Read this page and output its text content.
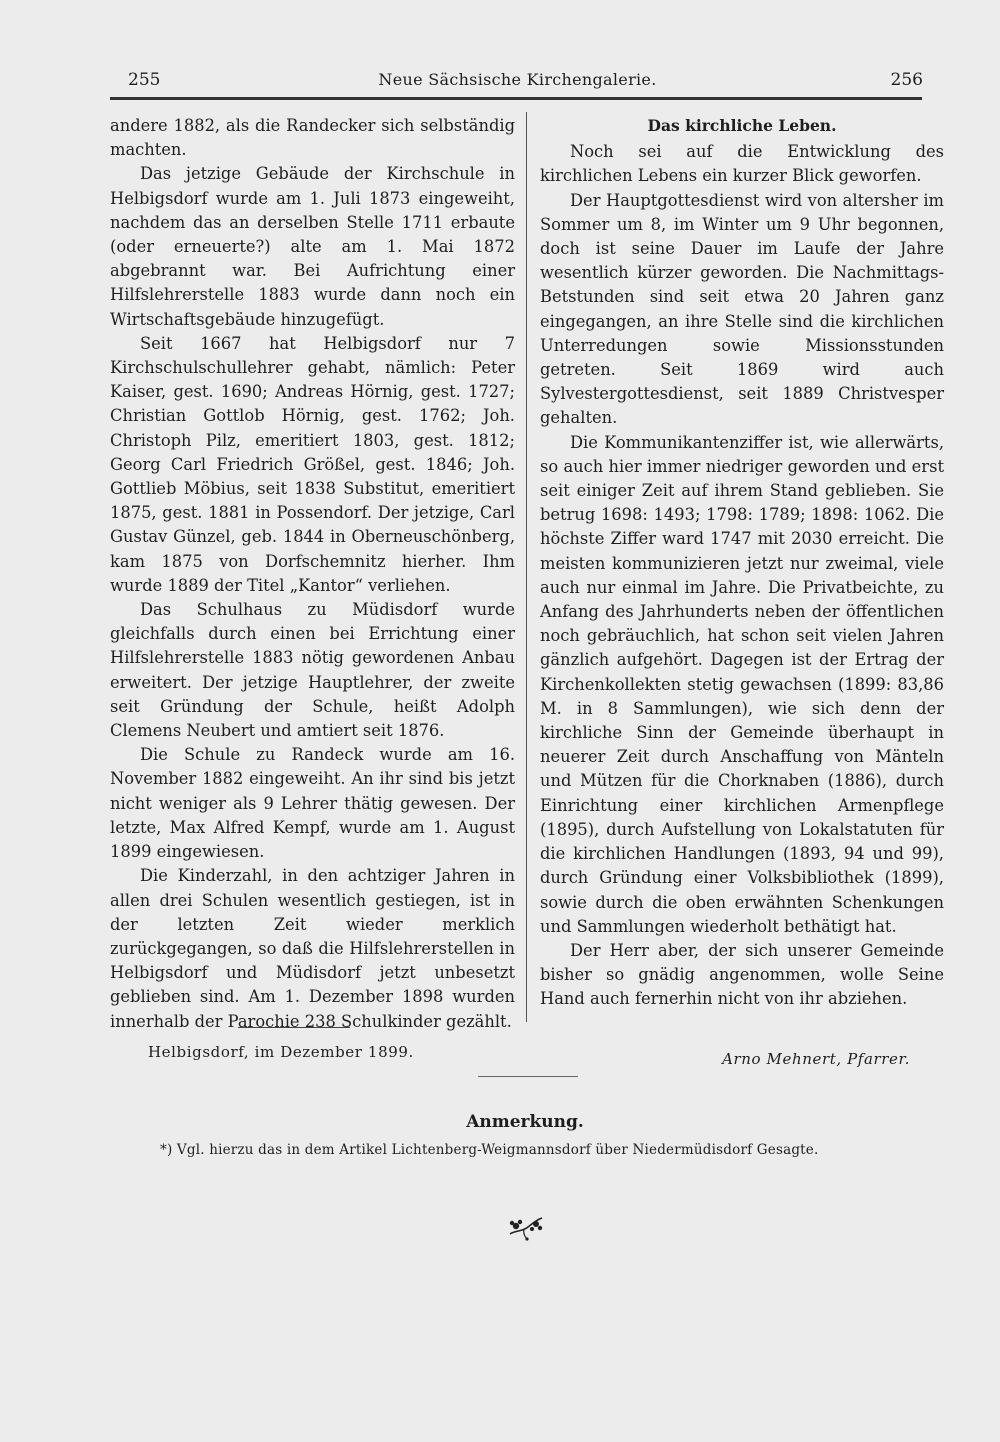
255	Neue Sächsische Kirchengalerie.	256

andere 1882, als die Randecker sich selbständig machten.

Das jetzige Gebäude der Kirchschule in Helbigsdorf wurde am 1. Juli 1873 eingeweiht, nachdem das an derselben Stelle 1711 erbaute (oder erneuerte?) alte am 1. Mai 1872 abgebrannt war. Bei Aufrichtung einer Hilfslehrerstelle 1883 wurde dann noch ein Wirtschaftsgebäude hinzugefügt.

Seit 1667 hat Helbigsdorf nur 7 Kirchschulschullehrer gehabt, nämlich: Peter Kaiser, gest. 1690; Andreas Hörnig, gest. 1727; Christian Gottlob Hörnig, gest. 1762; Joh. Christoph Pilz, emeritiert 1803, gest. 1812; Georg Carl Friedrich Größel, gest. 1846; Joh. Gottlieb Möbius, seit 1838 Substitut, emeritiert 1875, gest. 1881 in Possendorf. Der jetzige, Carl Gustav Günzel, geb. 1844 in Oberneuschönberg, kam 1875 von Dorfschemnitz hierher. Ihm wurde 1889 der Titel „Kantor“ verliehen.

Das Schulhaus zu Müdisdorf wurde gleichfalls durch einen bei Errichtung einer Hilfslehrerstelle 1883 nötig gewordenen Anbau erweitert. Der jetzige Hauptlehrer, der zweite seit Gründung der Schule, heißt Adolph Clemens Neubert und amtiert seit 1876.

Die Schule zu Randeck wurde am 16. November 1882 eingeweiht. An ihr sind bis jetzt nicht weniger als 9 Lehrer thätig gewesen. Der letzte, Max Alfred Kempf, wurde am 1. August 1899 eingewiesen.

Die Kinderzahl, in den achtziger Jahren in allen drei Schulen wesentlich gestiegen, ist in der letzten Zeit wieder merklich zurückgegangen, so daß die Hilfslehrerstellen in Helbigsdorf und Müdisdorf jetzt unbesetzt geblieben sind. Am 1. Dezember 1898 wurden innerhalb der Parochie 238 Schulkinder gezählt.

Das kirchliche Leben.

Noch sei auf die Entwicklung des kirchlichen Lebens ein kurzer Blick geworfen.

Der Hauptgottesdienst wird von altersher im Sommer um 8, im Winter um 9 Uhr begonnen, doch ist seine Dauer im Laufe der Jahre wesentlich kürzer geworden. Die Nachmittags-Betstunden sind seit etwa 20 Jahren ganz eingegangen, an ihre Stelle sind die kirchlichen Unterredungen sowie Missionsstunden getreten. Seit 1869 wird auch Sylvestergottesdienst, seit 1889 Christvesper gehalten.

Die Kommunikantenziffer ist, wie allerwärts, so auch hier immer niedriger geworden und erst seit einiger Zeit auf ihrem Stand geblieben. Sie betrug 1698: 1493; 1798: 1789; 1898: 1062. Die höchste Ziffer ward 1747 mit 2030 erreicht. Die meisten kommunizieren jetzt nur zweimal, viele auch nur einmal im Jahre. Die Privatbeichte, zu Anfang des Jahrhunderts neben der öffentlichen noch gebräuchlich, hat schon seit vielen Jahren gänzlich aufgehört. Dagegen ist der Ertrag der Kirchenkollekten stetig gewachsen (1899: 83,86 M. in 8 Sammlungen), wie sich denn der kirchliche Sinn der Gemeinde überhaupt in neuerer Zeit durch Anschaffung von Mänteln und Mützen für die Chorknaben (1886), durch Einrichtung einer kirchlichen Armenpflege (1895), durch Aufstellung von Lokalstatuten für die kirchlichen Handlungen (1893, 94 und 99), durch Gründung einer Volksbibliothek (1899), sowie durch die oben erwähnten Schenkungen und Sammlungen wiederholt bethätigt hat.

Der Herr aber, der sich unserer Gemeinde bisher so gnädig angenommen, wolle Seine Hand auch fernerhin nicht von ihr abziehen.

Helbigsdorf, im Dezember 1899.	Arno Mehnert, Pfarrer.
Anmerkung.
*) Vgl. hierzu das in dem Artikel Lichtenberg-Weigmannsdorf über Niedermüdisdorf Gesagte.
